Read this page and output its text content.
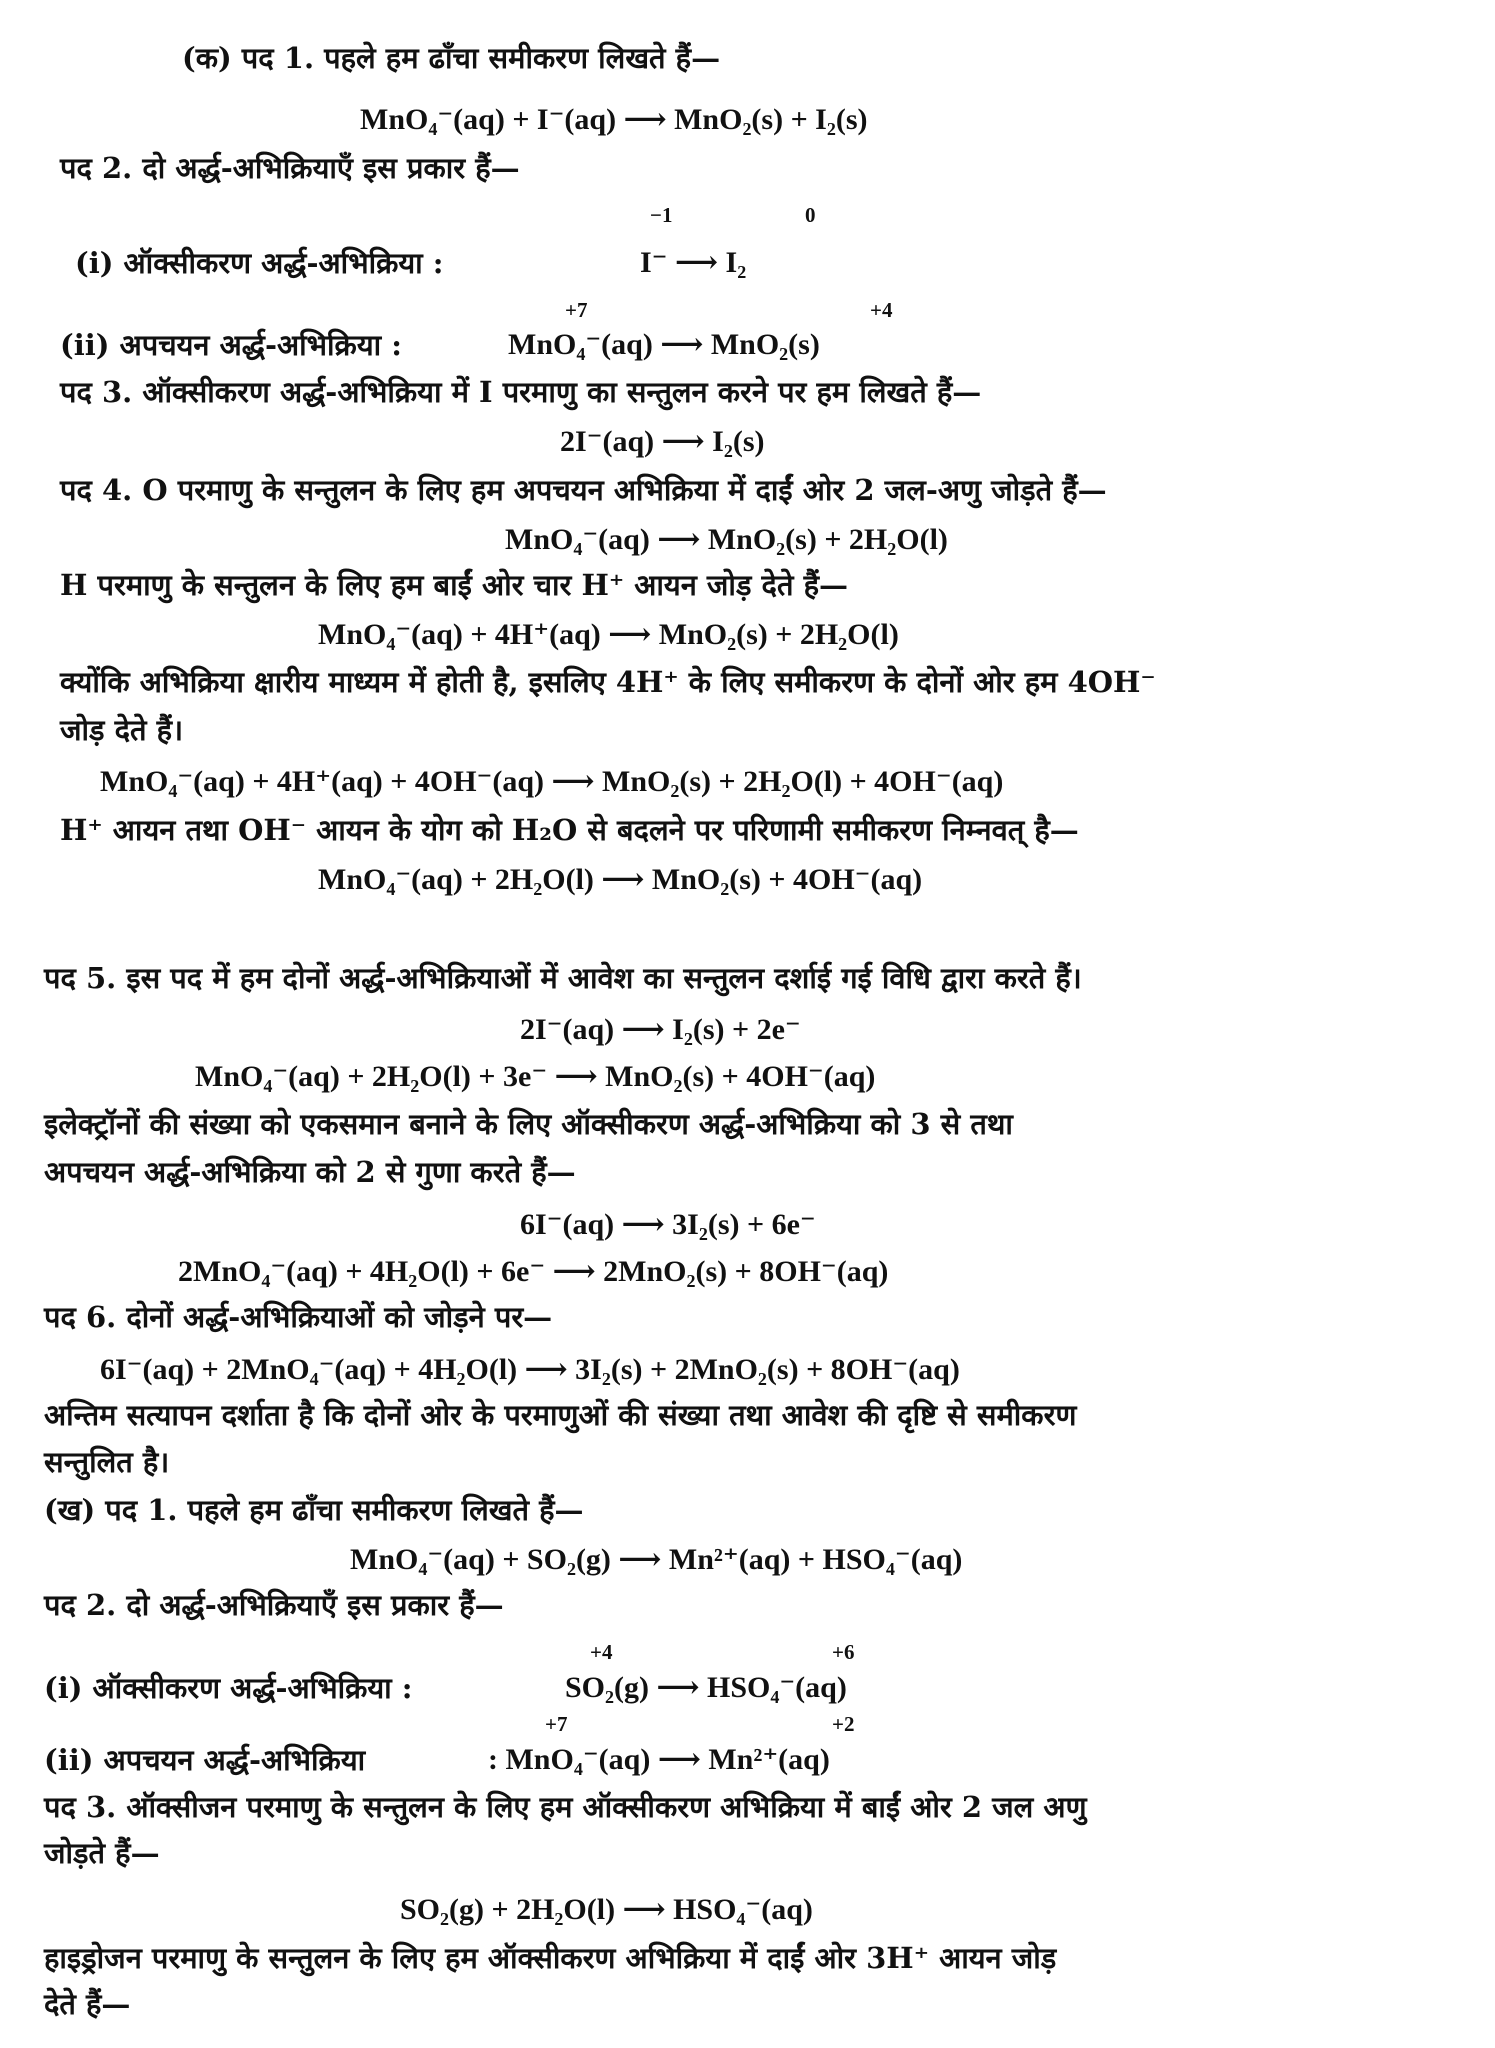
(क) पद 1. पहले हम ढाँचा समीकरण लिखते हैं—
MnO₄⁻(aq) + I⁻(aq) ⟶ MnO₂(s) + I₂(s)
पद 2. दो अर्द्ध-अभिक्रियाएँ इस प्रकार हैं—
−1	0
(i) ऑक्सीकरण अर्द्ध-अभिक्रिया :	I⁻ ⟶ I₂
+7	+4
(ii) अपचयन अर्द्ध-अभिक्रिया :	MnO₄⁻(aq) ⟶ MnO₂(s)
पद 3. ऑक्सीकरण अर्द्ध-अभिक्रिया में I परमाणु का सन्तुलन करने पर हम लिखते हैं—
2I⁻(aq) ⟶ I₂(s)
पद 4. O परमाणु के सन्तुलन के लिए हम अपचयन अभिक्रिया में दाईं ओर 2 जल-अणु जोड़ते हैं—
MnO₄⁻(aq) ⟶ MnO₂(s) + 2H₂O(l)
H परमाणु के सन्तुलन के लिए हम बाईं ओर चार H⁺ आयन जोड़ देते हैं—
MnO₄⁻(aq) + 4H⁺(aq) ⟶ MnO₂(s) + 2H₂O(l)
क्योंकि अभिक्रिया क्षारीय माध्यम में होती है, इसलिए 4H⁺ के लिए समीकरण के दोनों ओर हम 4OH⁻
जोड़ देते हैं।
MnO₄⁻(aq) + 4H⁺(aq) + 4OH⁻(aq) ⟶ MnO₂(s) + 2H₂O(l) + 4OH⁻(aq)
H⁺ आयन तथा OH⁻ आयन के योग को H₂O से बदलने पर परिणामी समीकरण निम्नवत् है—
MnO₄⁻(aq) + 2H₂O(l) ⟶ MnO₂(s) + 4OH⁻(aq)
पद 5. इस पद में हम दोनों अर्द्ध-अभिक्रियाओं में आवेश का सन्तुलन दर्शाई गई विधि द्वारा करते हैं।
2I⁻(aq) ⟶ I₂(s) + 2e⁻
MnO₄⁻(aq) + 2H₂O(l) + 3e⁻ ⟶ MnO₂(s) + 4OH⁻(aq)
इलेक्ट्रॉनों की संख्या को एकसमान बनाने के लिए ऑक्सीकरण अर्द्ध-अभिक्रिया को 3 से तथा
अपचयन अर्द्ध-अभिक्रिया को 2 से गुणा करते हैं—
6I⁻(aq) ⟶ 3I₂(s) + 6e⁻
2MnO₄⁻(aq) + 4H₂O(l) + 6e⁻ ⟶ 2MnO₂(s) + 8OH⁻(aq)
पद 6. दोनों अर्द्ध-अभिक्रियाओं को जोड़ने पर—
6I⁻(aq) + 2MnO₄⁻(aq) + 4H₂O(l) ⟶ 3I₂(s) + 2MnO₂(s) + 8OH⁻(aq)
अन्तिम सत्यापन दर्शाता है कि दोनों ओर के परमाणुओं की संख्या तथा आवेश की दृष्टि से समीकरण
सन्तुलित है।
(ख) पद 1. पहले हम ढाँचा समीकरण लिखते हैं—
MnO₄⁻(aq) + SO₂(g) ⟶ Mn²⁺(aq) + HSO₄⁻(aq)
पद 2. दो अर्द्ध-अभिक्रियाएँ इस प्रकार हैं—
+4	+6
(i) ऑक्सीकरण अर्द्ध-अभिक्रिया :	SO₂(g) ⟶ HSO₄⁻(aq)
+7	+2
(ii) अपचयन अर्द्ध-अभिक्रिया	: MnO₄⁻(aq) ⟶ Mn²⁺(aq)
पद 3. ऑक्सीजन परमाणु के सन्तुलन के लिए हम ऑक्सीकरण अभिक्रिया में बाईं ओर 2 जल अणु
जोड़ते हैं—
SO₂(g) + 2H₂O(l) ⟶ HSO₄⁻(aq)
हाइड्रोजन परमाणु के सन्तुलन के लिए हम ऑक्सीकरण अभिक्रिया में दाईं ओर 3H⁺ आयन जोड़
देते हैं—
